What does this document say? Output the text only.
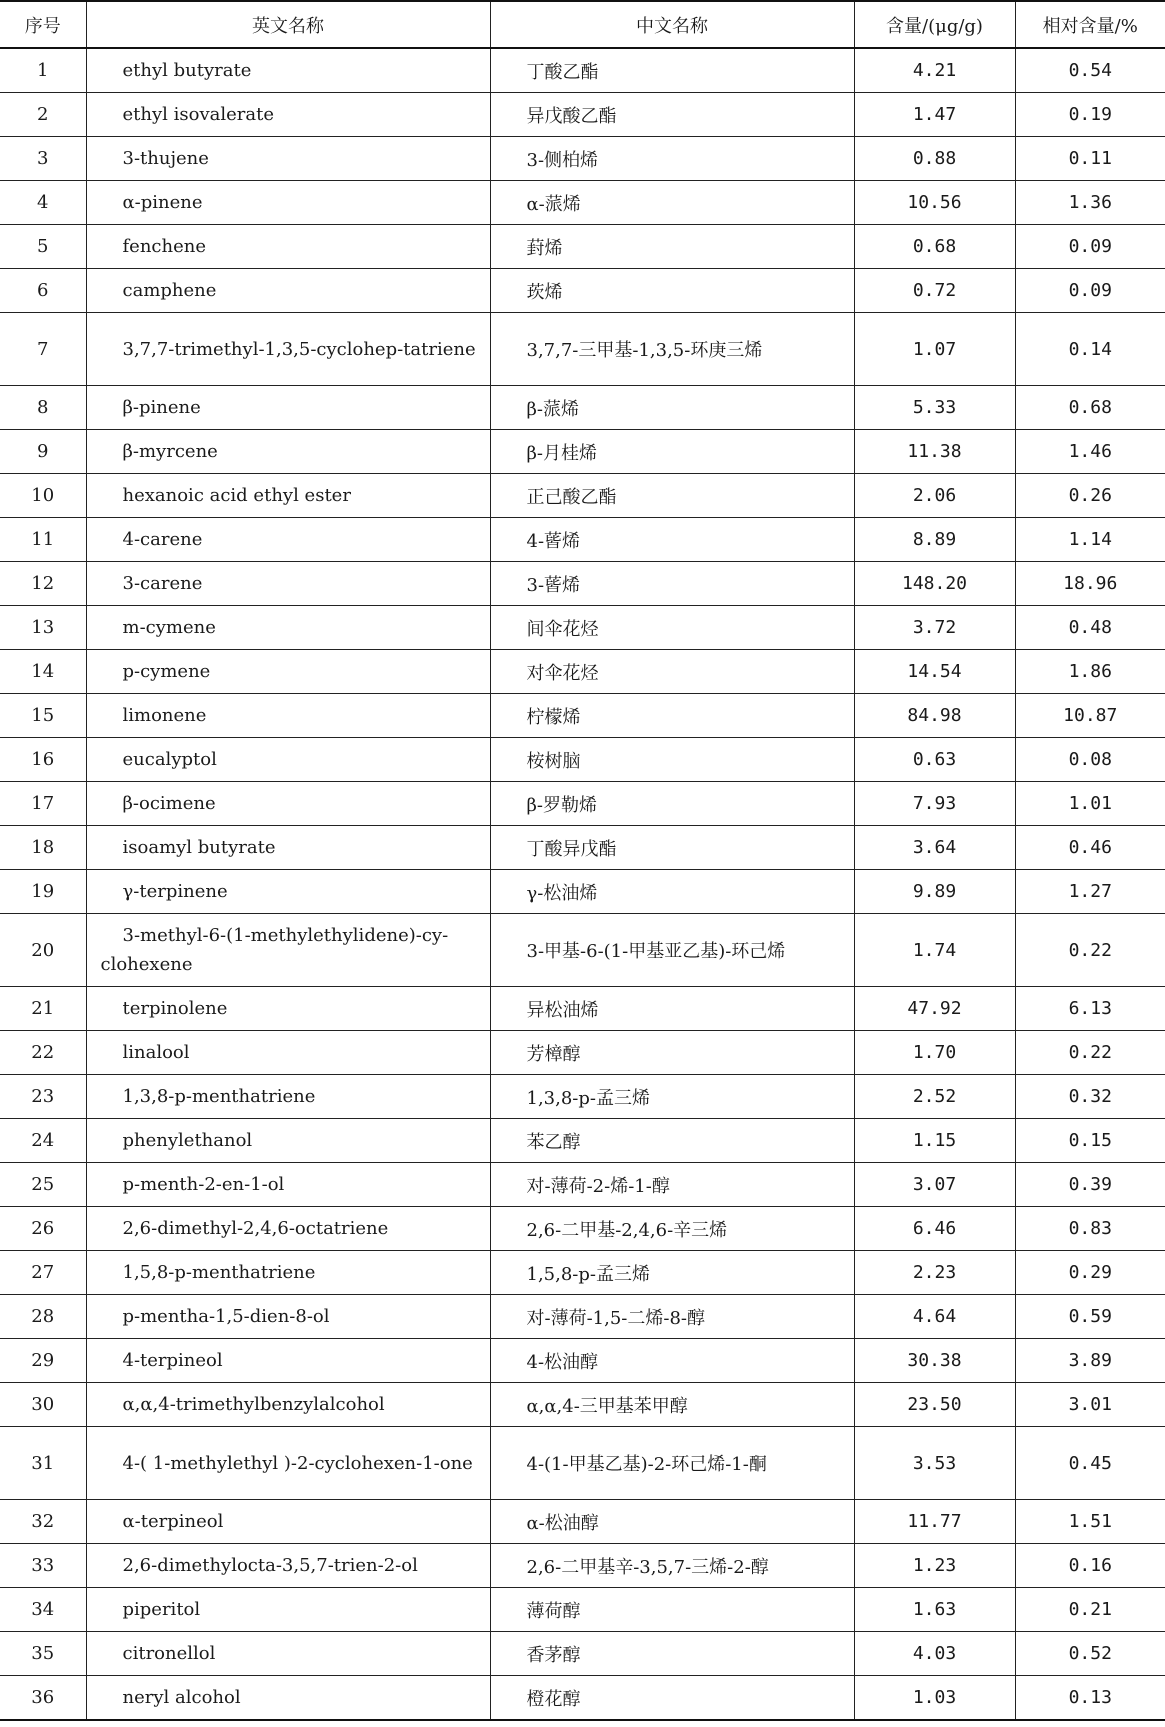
序号	英文名称	中文名称	含量/(μg/g)	相对含量/%
1	ethyl butyrate	丁酸乙酯	4.21	0.54
2	ethyl isovalerate	异戊酸乙酯	1.47	0.19
3	3-thujene	3-侧柏烯	0.88	0.11
4	α-pinene	α-蒎烯	10.56	1.36
5	fenchene	葑烯	0.68	0.09
6	camphene	莰烯	0.72	0.09
7	3,7,7-trimethyl-1,3,5-cyclohep-tatriene	3,7,7-三甲基-1,3,5-环庚三烯	1.07	0.14
8	β-pinene	β-蒎烯	5.33	0.68
9	β-myrcene	β-月桂烯	11.38	1.46
10	hexanoic acid ethyl ester	正己酸乙酯	2.06	0.26
11	4-carene	4-蒈烯	8.89	1.14
12	3-carene	3-蒈烯	148.20	18.96
13	m-cymene	间伞花烃	3.72	0.48
14	p-cymene	对伞花烃	14.54	1.86
15	limonene	柠檬烯	84.98	10.87
16	eucalyptol	桉树脑	0.63	0.08
17	β-ocimene	β-罗勒烯	7.93	1.01
18	isoamyl butyrate	丁酸异戊酯	3.64	0.46
19	γ-terpinene	γ-松油烯	9.89	1.27
20	3-methyl-6-(1-methylethylidene)-cy-clohexene	3-甲基-6-(1-甲基亚乙基)-环己烯	1.74	0.22
21	terpinolene	异松油烯	47.92	6.13
22	linalool	芳樟醇	1.70	0.22
23	1,3,8-p-menthatriene	1,3,8-p-孟三烯	2.52	0.32
24	phenylethanol	苯乙醇	1.15	0.15
25	p-menth-2-en-1-ol	对-薄荷-2-烯-1-醇	3.07	0.39
26	2,6-dimethyl-2,4,6-octatriene	2,6-二甲基-2,4,6-辛三烯	6.46	0.83
27	1,5,8-p-menthatriene	1,5,8-p-孟三烯	2.23	0.29
28	p-mentha-1,5-dien-8-ol	对-薄荷-1,5-二烯-8-醇	4.64	0.59
29	4-terpineol	4-松油醇	30.38	3.89
30	α,α,4-trimethylbenzylalcohol	α,α,4-三甲基苯甲醇	23.50	3.01
31	4-( 1-methylethyl )-2-cyclohexen-1-one	4-(1-甲基乙基)-2-环己烯-1-酮	3.53	0.45
32	α-terpineol	α-松油醇	11.77	1.51
33	2,6-dimethylocta-3,5,7-trien-2-ol	2,6-二甲基辛-3,5,7-三烯-2-醇	1.23	0.16
34	piperitol	薄荷醇	1.63	0.21
35	citronellol	香茅醇	4.03	0.52
36	neryl alcohol	橙花醇	1.03	0.13
